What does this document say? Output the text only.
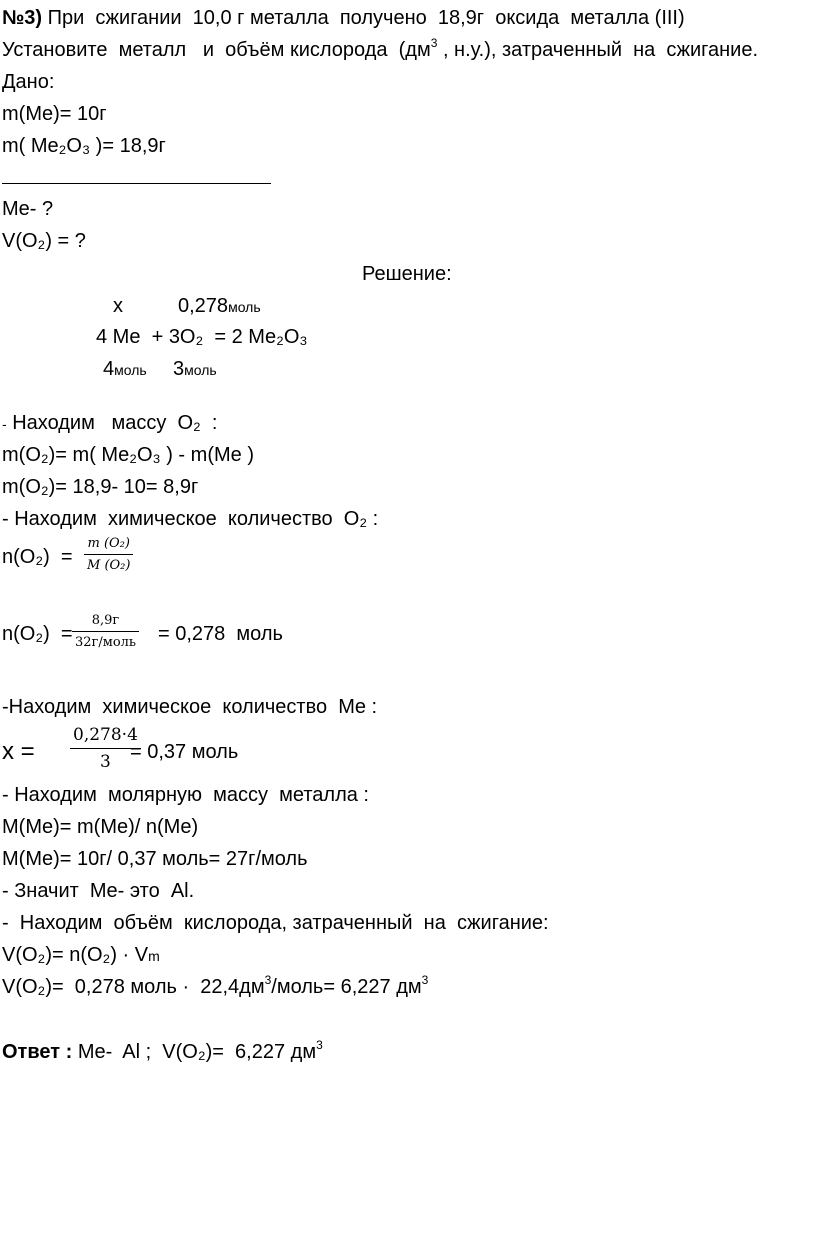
№3) При  сжигании  10,0 г металла  получено  18,9г  оксида  металла (III)
Установите  металл   и  объём кислорода  ($дм^3$ , н.у.), затраченный  на  сжигание.
Дано:
m(Me)= 10г
m( Me₂O₃ )= 18,9г
Me- ?
V(O₂) = ?
Решение:
x	0,278моль
4 Me  + 3O₂  = 2 Me₂O₃
4моль 3моль
- Находим   массу  O₂  :
m(O₂)= m( Me₂O₃ ) - m(Me )
m(O₂)= 18,9- 10= 8,9г
- Находим  химическое  количество  O₂ :
n(O₂)  =
m (O₂)
M (O₂)
n(O₂)  =
8,9г
32г/моль = 0,278  моль
-Находим  химическое  количество  Me :
x =
0,278·4
3 = 0,37 моль
- Находим  молярную  массу  металла :
M(Me)= m(Me)/ n(Me)
M(Me)= 10г/ 0,37 моль= 27г/моль
- Значит  Me- это  Al.
-  Находим  объём  кислорода, затраченный  на  сжигание:
V(O₂)= n(O₂) · Vm
V(O₂)=  0,278 моль ·  $22,4дм^3/моль= 6,227$ $дм^3$
Ответ : Me-  Al ;  V(O₂)=  6,227 $дм^3$
